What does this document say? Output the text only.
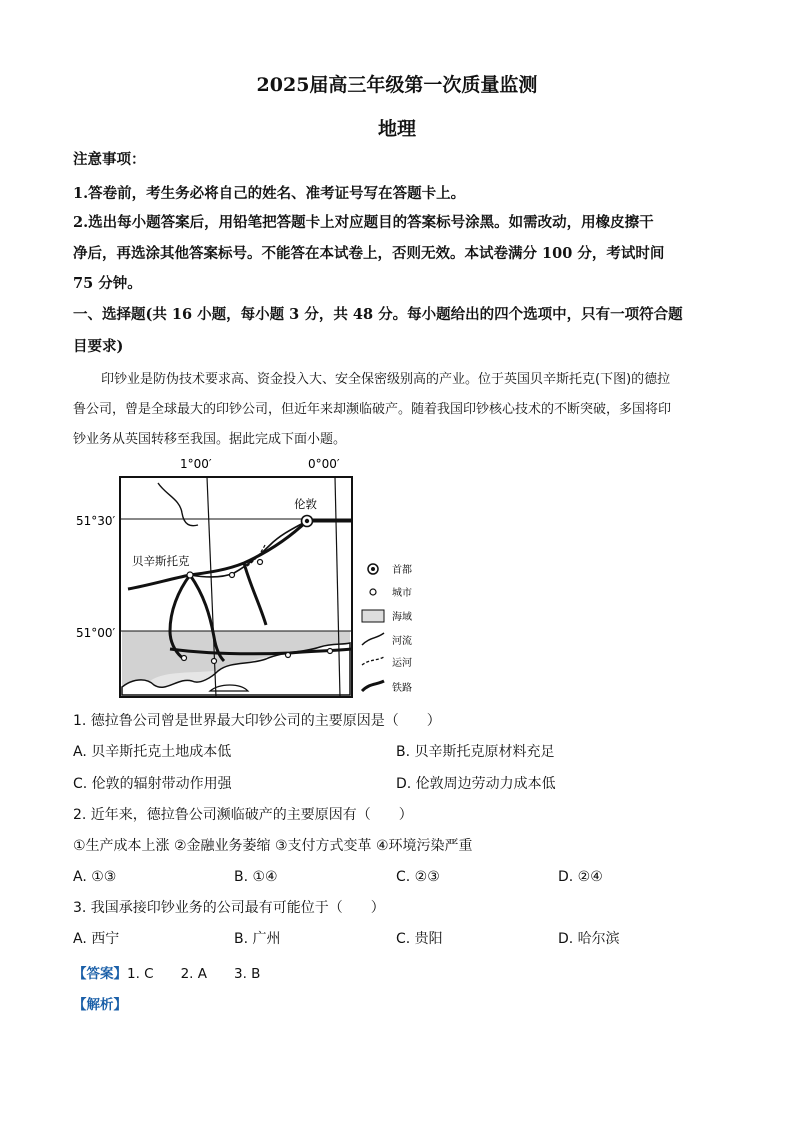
2025届高三年级第一次质量监测
地理
注意事项：
1.答卷前，考生务必将自己的姓名、准考证号写在答题卡上。
2.选出每小题答案后，用铅笔把答题卡上对应题目的答案标号涂黑。如需改动，用橡皮擦干
净后，再选涂其他答案标号。不能答在本试卷上，否则无效。本试卷满分 100 分，考试时间
75 分钟。
一、选择题(共 16 小题，每小题 3 分，共 48 分。每小题给出的四个选项中，只有一项符合题
目要求)
印钞业是防伪技术要求高、资金投入大、安全保密级别高的产业。位于英国贝辛斯托克(下图)的德拉
鲁公司，曾是全球最大的印钞公司，但近年来却濒临破产。随着我国印钞核心技术的不断突破，多国将印
钞业务从英国转移至我国。据此完成下面小题。
1°00′	0°00′
51°30′
51°00′
伦敦
贝辛斯托克
首都
城市
海域
河流
运河
铁路
1. 德拉鲁公司曾是世界最大印钞公司的主要原因是（　　）
A. 贝辛斯托克土地成本低	B. 贝辛斯托克原材料充足
C. 伦敦的辐射带动作用强	D. 伦敦周边劳动力成本低
2. 近年来，德拉鲁公司濒临破产的主要原因有（　　）
①生产成本上涨 ②金融业务萎缩 ③支付方式变革 ④环境污染严重
A. ①③	B. ①④	C. ②③	D. ②④
3. 我国承接印钞业务的公司最有可能位于（　　）
A. 西宁	B. 广州	C. 贵阳	D. 哈尔滨
【答案】1. C　　2. A　　3. B
【解析】
